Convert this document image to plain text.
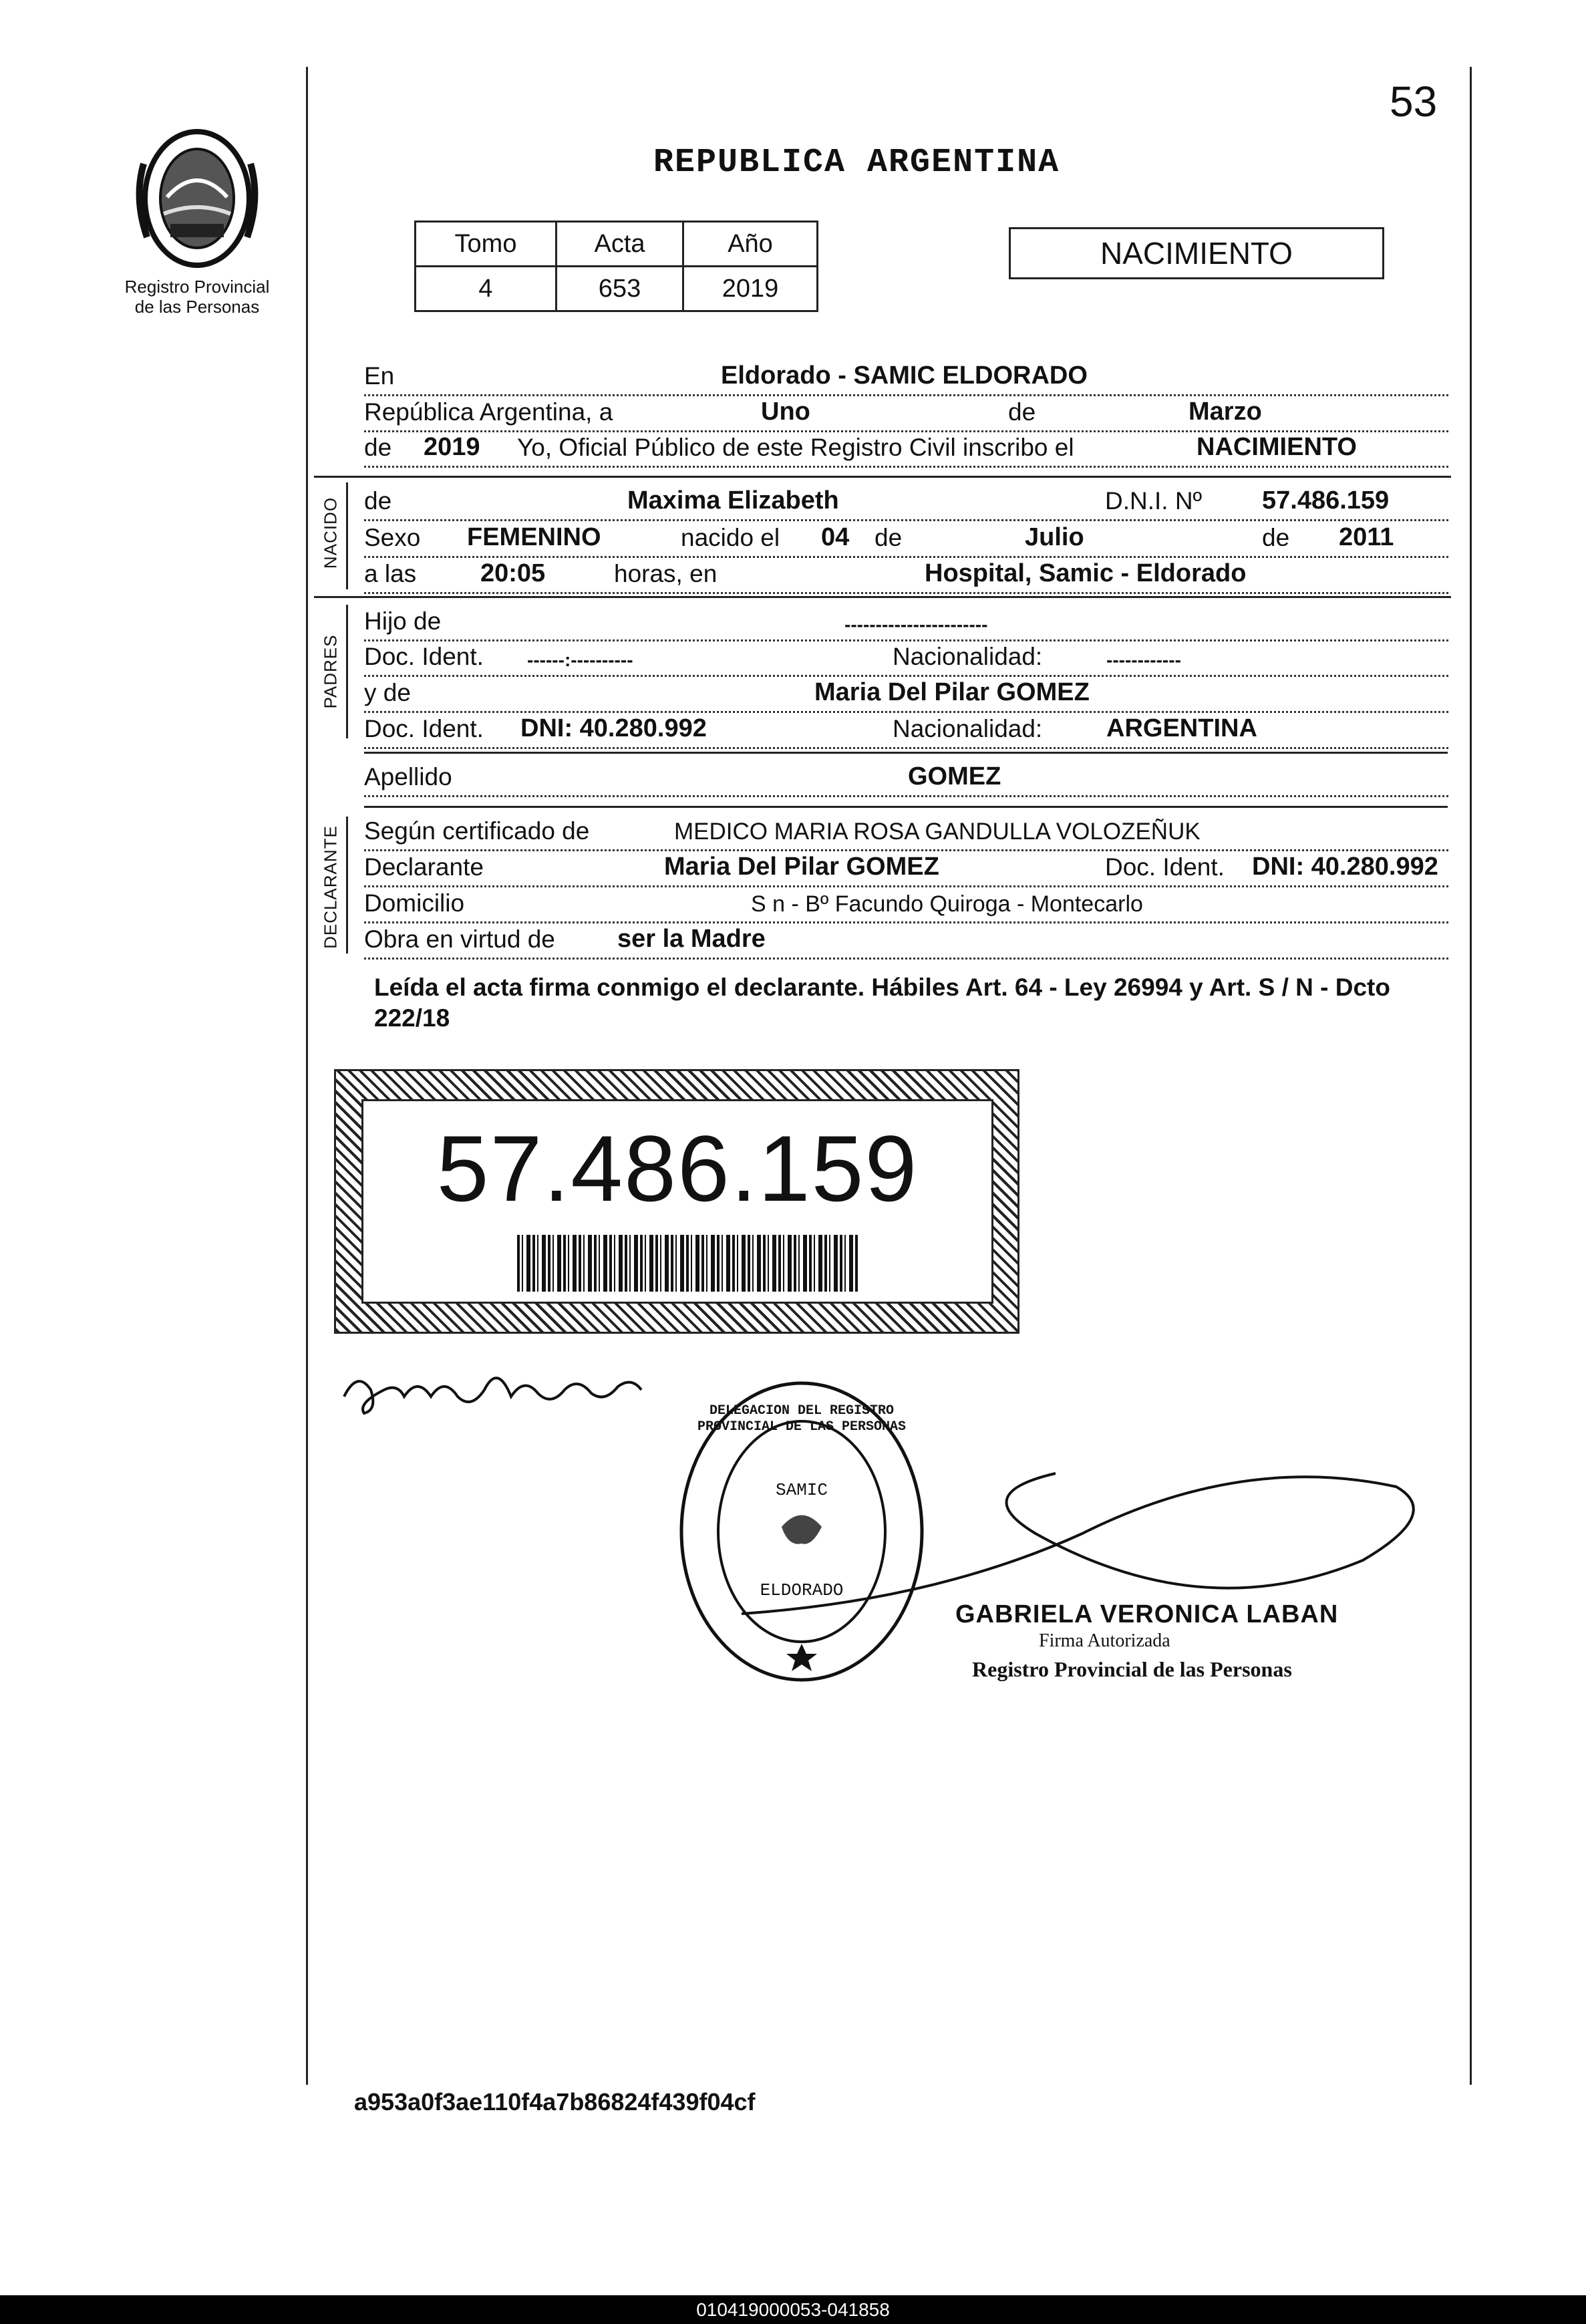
53
Registro Provincial
de las Personas
REPUBLICA ARGENTINA
Tomo	Acta	Año
4	653	2019
NACIMIENTO
En	Eldorado - SAMIC ELDORADO
República Argentina, a	Uno	de	Marzo
de 2019 Yo, Oficial Público de este Registro Civil inscribo el	NACIMIENTO
NACIDO de	Maxima Elizabeth	D.N.I. Nº 57.486.159
Sexo FEMENINO	nacido el 04 de	Julio	de 2011
a las	20:05	horas, en	Hospital, Samic - Eldorado
PADRES
Hijo de	-----------------------
Doc. Ident. ------:----------	Nacionalidad:	------------
y de	Maria Del Pilar GOMEZ
Doc. Ident. DNI: 40.280.992	Nacionalidad:	ARGENTINA
Apellido	GOMEZ
DECLARANTE Según certificado de	MEDICO MARIA ROSA GANDULLA VOLOZEÑUK
Declarante	Maria Del Pilar GOMEZ	Doc. Ident. DNI: 40.280.992
Domicilio	S n - Bº Facundo Quiroga - Montecarlo
Obra en virtud de ser la Madre
Leída el acta firma conmigo el declarante. Hábiles Art. 64 - Ley 26994 y Art. S / N - Dcto 222/18
57.486.159
DELEGACION DEL REGISTRO PROVINCIAL DE LAS PERSONAS
SAMIC
ELDORADO
GABRIELA VERONICA LABAN
Firma Autorizada
Registro Provincial de las Personas
a953a0f3ae110f4a7b86824f439f04cf
010419000053-041858
